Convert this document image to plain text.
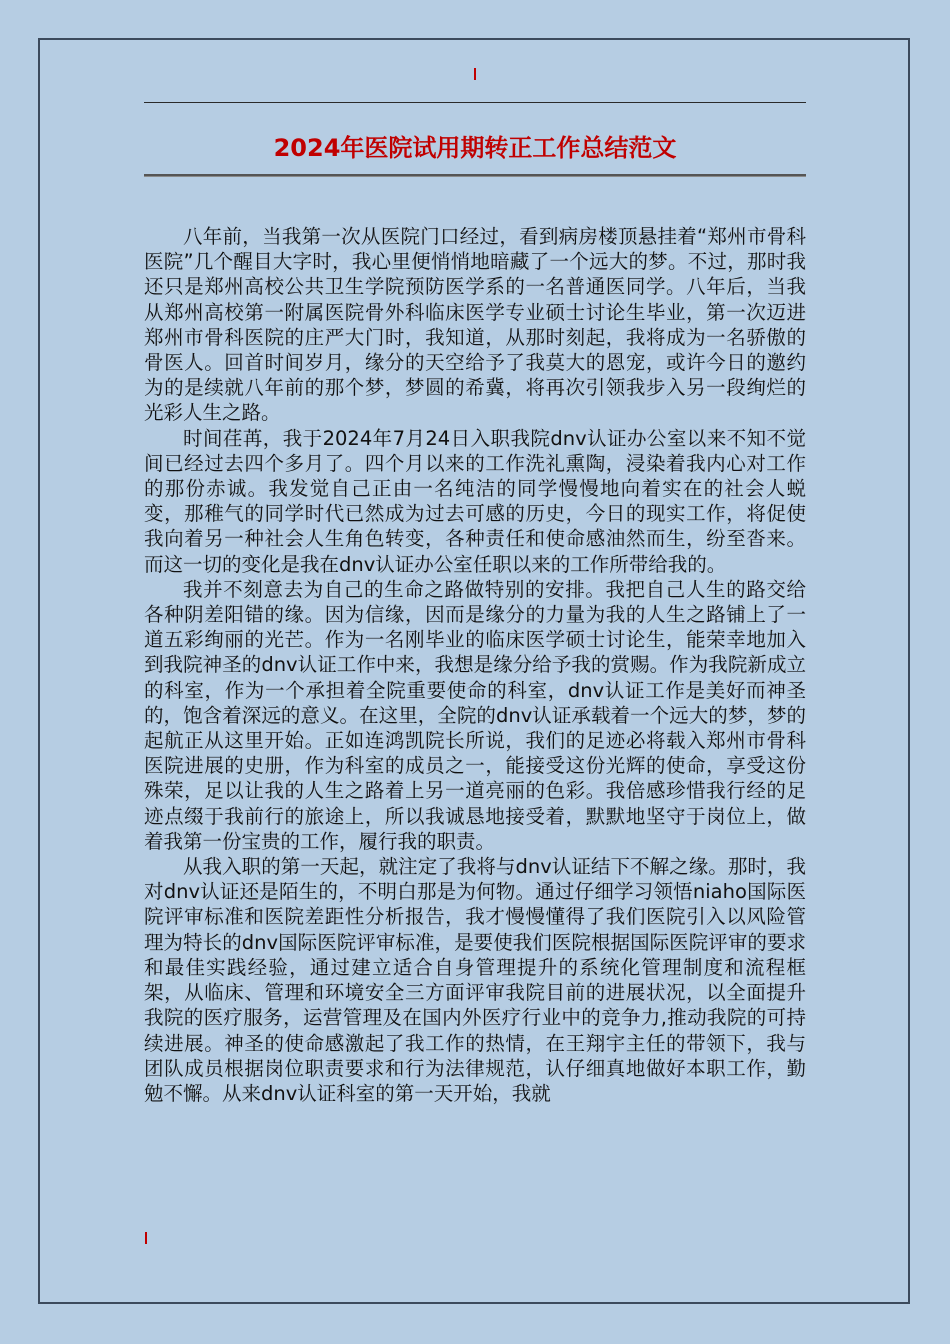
2024年医院试用期转正工作总结范文

八年前，当我第一次从医院门口经过，看到病房楼顶悬挂着“郑州市骨科医院”几个醒目大字时，我心里便悄悄地暗藏了一个远大的梦。不过，那时我还只是郑州高校公共卫生学院预防医学系的一名普通医同学。八年后，当我从郑州高校第一附属医院骨外科临床医学专业硕士讨论生毕业，第一次迈进郑州市骨科医院的庄严大门时，我知道，从那时刻起，我将成为一名骄傲的骨医人。回首时间岁月，缘分的天空给予了我莫大的恩宠，或许今日的邀约为的是续就八年前的那个梦，梦圆的希冀，将再次引领我步入另一段绚烂的光彩人生之路。

时间荏苒，我于2024年7月24日入职我院dnv认证办公室以来不知不觉间已经过去四个多月了。四个月以来的工作洗礼熏陶，浸染着我内心对工作的那份赤诚。我发觉自己正由一名纯洁的同学慢慢地向着实在的社会人蜕变，那稚气的同学时代已然成为过去可感的历史，今日的现实工作，将促使我向着另一种社会人生角色转变，各种责任和使命感油然而生，纷至沓来。而这一切的变化是我在dnv认证办公室任职以来的工作所带给我的。

我并不刻意去为自己的生命之路做特别的安排。我把自己人生的路交给各种阴差阳错的缘。因为信缘，因而是缘分的力量为我的人生之路铺上了一道五彩绚丽的光芒。作为一名刚毕业的临床医学硕士讨论生，能荣幸地加入到我院神圣的dnv认证工作中来，我想是缘分给予我的赏赐。作为我院新成立的科室，作为一个承担着全院重要使命的科室，dnv认证工作是美好而神圣的，饱含着深远的意义。在这里，全院的dnv认证承载着一个远大的梦，梦的起航正从这里开始。正如连鸿凯院长所说，我们的足迹必将载入郑州市骨科医院进展的史册，作为科室的成员之一，能接受这份光辉的使命，享受这份殊荣，足以让我的人生之路着上另一道亮丽的色彩。我倍感珍惜我行经的足迹点缀于我前行的旅途上，所以我诚恳地接受着，默默地坚守于岗位上，做着我第一份宝贵的工作，履行我的职责。

从我入职的第一天起，就注定了我将与dnv认证结下不解之缘。那时，我对dnv认证还是陌生的，不明白那是为何物。通过仔细学习领悟niaho国际医院评审标准和医院差距性分析报告，我才慢慢懂得了我们医院引入以风险管理为特长的dnv国际医院评审标准，是要使我们医院根据国际医院评审的要求和最佳实践经验，通过建立适合自身管理提升的系统化管理制度和流程框架，从临床、管理和环境安全三方面评审我院目前的进展状况，以全面提升我院的医疗服务，运营管理及在国内外医疗行业中的竞争力,推动我院的可持续进展。神圣的使命感激起了我工作的热情，在王翔宇主任的带领下，我与团队成员根据岗位职责要求和行为法律规范，认仔细真地做好本职工作，勤勉不懈。从来dnv认证科室的第一天开始，我就
